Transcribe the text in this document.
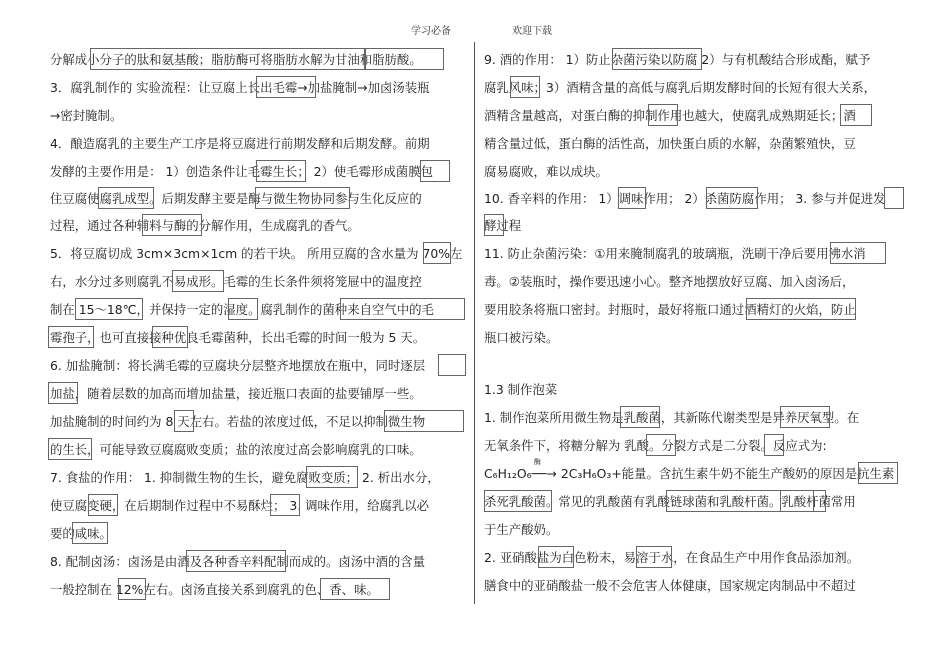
学习必备	欢迎下载
分解成小分子的肽和氨基酸；脂肪酶可将脂肪水解为甘油和脂肪酸。
3．腐乳制作的 实验流程：让豆腐上长出毛霉→加盐腌制→加卤汤装瓶
→密封腌制。
4．酿造腐乳的主要生产工序是将豆腐进行前期发酵和后期发酵。前期
发酵的主要作用是： 1）创造条件让毛霉生长； 2）使毛霉形成菌膜包
住豆腐使腐乳成型。后期发酵主要是酶与微生物协同参与生化反应的
过程，通过各种辅料与酶的分解作用，生成腐乳的香气。
5．将豆腐切成 3cm×3cm×1cm 的若干块。 所用豆腐的含水量为 70%左
右，水分过多则腐乳不易成形。毛霉的生长条件须将笼屉中的温度控
制在 15～18℃，并保持一定的湿度。腐乳制作的菌种来自空气中的毛
霉孢子，也可直接接种优良毛霉菌种，长出毛霉的时间一般为 5 天。
6. 加盐腌制：将长满毛霉的豆腐块分层整齐地摆放在瓶中，同时逐层
加盐，随着层数的加高而增加盐量，接近瓶口表面的盐要铺厚一些。
加盐腌制的时间约为 8 天左右。若盐的浓度过低，不足以抑制微生物
的生长，可能导致豆腐腐败变质；盐的浓度过高会影响腐乳的口味。
7. 食盐的作用： 1. 抑制微生物的生长，避免腐败变质； 2. 析出水分，
使豆腐变硬，在后期制作过程中不易酥烂； 3. 调味作用，给腐乳以必
要的咸味。
8. 配制卤汤：卤汤是由酒及各种香辛料配制而成的。卤汤中酒的含量
一般控制在 12%左右。卤汤直接关系到腐乳的色、香、味。
9. 酒的作用： 1）防止杂菌污染以防腐 2）与有机酸结合形成酯，赋予
腐乳风味；3）酒精含量的高低与腐乳后期发酵时间的长短有很大关系，
酒精含量越高，对蛋白酶的抑制作用也越大，使腐乳成熟期延长；酒
精含量过低，蛋白酶的活性高，加快蛋白质的水解，杂菌繁殖快，豆
腐易腐败，难以成块。
10. 香辛料的作用： 1）调味作用； 2）杀菌防腐作用； 3. 参与并促进发
酵过程
11. 防止杂菌污染：①用来腌制腐乳的玻璃瓶，洗刷干净后要用沸水消
毒。②装瓶时，操作要迅速小心。整齐地摆放好豆腐、加入卤汤后，
要用胶条将瓶口密封。封瓶时，最好将瓶口通过酒精灯的火焰，防止
瓶口被污染。
1.3 制作泡菜
1. 制作泡菜所用微生物是乳酸菌，其新陈代谢类型是异养厌氧型。在
无氧条件下，将糖分解为 乳酸。分裂方式是二分裂。反应式为:
C₆H₁₂O₆──→ 2C₃H₆O₃+能量。含抗生素牛奶不能生产酸奶的原因是抗生素
酶
杀死乳酸菌。常见的乳酸菌有乳酸链球菌和乳酸杆菌。乳酸杆菌常用
于生产酸奶。
2. 亚硝酸盐为白色粉末，易溶于水，在食品生产中用作食品添加剂。
膳食中的亚硝酸盐一般不会危害人体健康，国家规定肉制品中不超过
